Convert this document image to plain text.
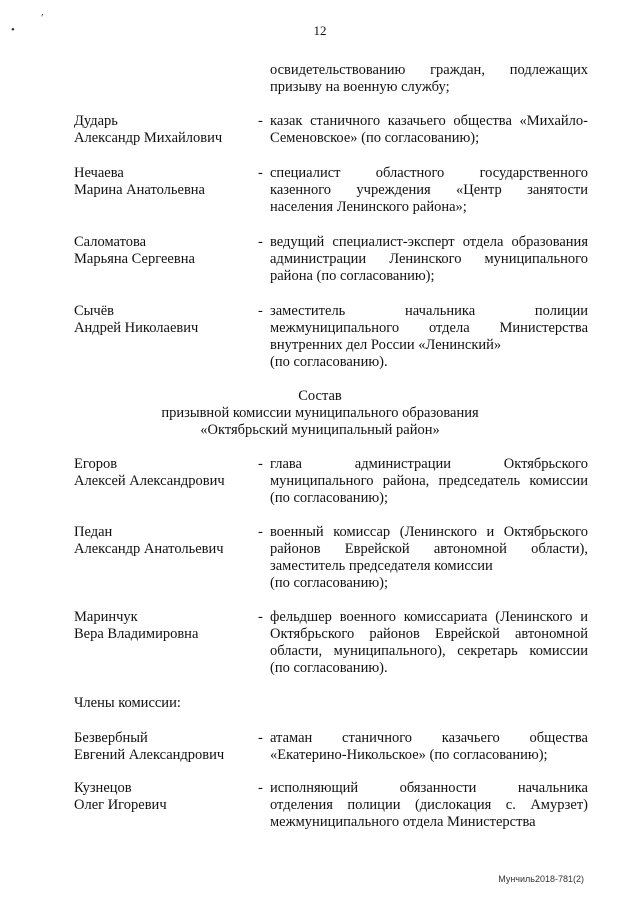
•
'
12
освидетельствованию граждан, подлежащих
призыву на военную службу;
Дударь
Александр Михайлович
- казак станичного казачьего общества «Михайло-
Семеновское» (по согласованию);
Нечаева
Марина Анатольевна
- специалист областного государственного
казенного учреждения «Центр занятости
населения Ленинского района»;
Саломатова
Марьяна Сергеевна
- ведущий специалист-эксперт отдела образования
администрации Ленинского муниципального
района (по согласованию);
Сычёв
Андрей Николаевич
- заместитель начальника полиции
межмуниципального отдела Министерства
внутренних дел России «Ленинский»
(по согласованию).
Состав
призывной комиссии муниципального образования
«Октябрьский муниципальный район»
Егоров
Алексей Александрович
- глава администрации Октябрьского
муниципального района, председатель комиссии
(по согласованию);
Педан
Александр Анатольевич
- военный комиссар (Ленинского и Октябрьского
районов Еврейской автономной области),
заместитель председателя комиссии
(по согласованию);
Маринчук
Вера Владимировна
- фельдшер военного комиссариата (Ленинского и
Октябрьского районов Еврейской автономной
области, муниципального), секретарь комиссии
(по согласованию).
Члены комиссии:
Безвербный
Евгений Александрович
- атаман станичного казачьего общества
«Екатерино-Никольское» (по согласованию);
Кузнецов
Олег Игоревич
- исполняющий обязанности начальника
отделения полиции (дислокация с. Амурзет)
межмуниципального отдела Министерства
Мунчиль2018-781(2)
